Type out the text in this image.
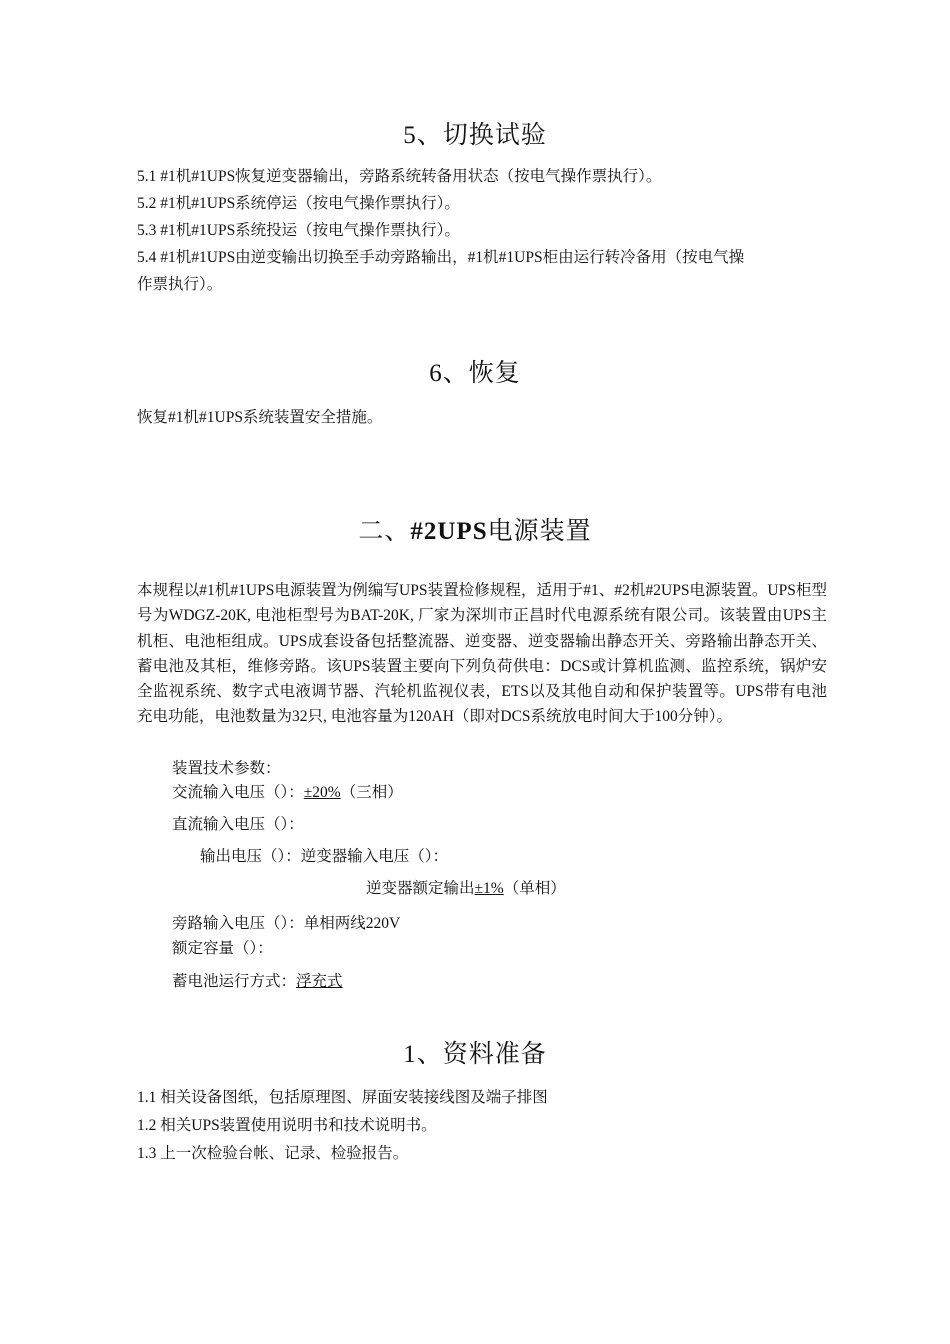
5、切换试验
5.1 #1机#1UPS恢复逆变器输出，旁路系统转备用状态（按电气操作票执行）。
5.2 #1机#1UPS系统停运（按电气操作票执行）。
5.3 #1机#1UPS系统投运（按电气操作票执行）。
5.4 #1机#1UPS由逆变输出切换至手动旁路输出，#1机#1UPS柜由运行转冷备用（按电气操
作票执行）。
6、恢复
恢复#1机#1UPS系统装置安全措施。
二、#2UPS电源装置
本规程以#1机#1UPS电源装置为例编写UPS装置检修规程，适用于#1、#2机#2UPS电源装置。UPS柜型号为WDGZ-20K, 电池柜型号为BAT-20K, 厂家为深圳市正昌时代电源系统有限公司。该装置由UPS主机柜、电池柜组成。UPS成套设备包括整流器、逆变器、逆变器输出静态开关、旁路输出静态开关、蓄电池及其柜，维修旁路。该UPS装置主要向下列负荷供电：DCS或计算机监测、监控系统，锅炉安全监视系统、数字式电液调节器、汽轮机监视仪表，ETS以及其他自动和保护装置等。UPS带有电池充电功能，电池数量为32只, 电池容量为120AH（即对DCS系统放电时间大于100分钟）。
装置技术参数：
交流输入电压（）：±20%（三相）
直流输入电压（）：
输出电压（）：逆变器输入电压（）：
逆变器额定输出±1%（单相）
旁路输入电压（）：单相两线220V
额定容量（）：
蓄电池运行方式：浮充式
1、资料准备
1.1 相关设备图纸，包括原理图、屏面安装接线图及端子排图
1.2 相关UPS装置使用说明书和技术说明书。
1.3 上一次检验台帐、记录、检验报告。
